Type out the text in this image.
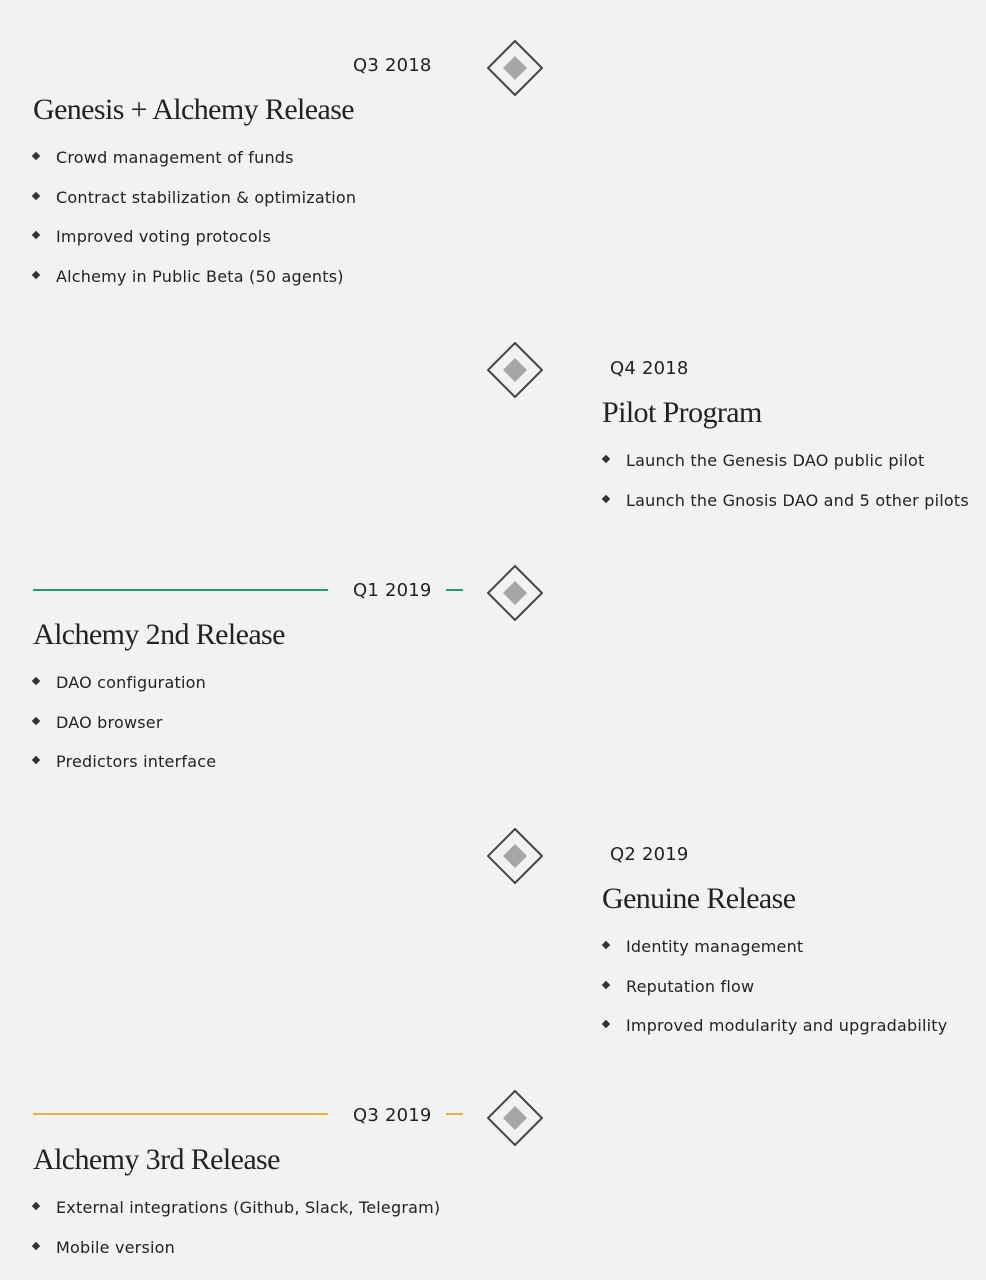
Q3 2018
Genesis + Alchemy Release
Crowd management of funds
Contract stabilization & optimization
Improved voting protocols
Alchemy in Public Beta (50 agents)
Q4 2018
Pilot Program
Launch the Genesis DAO public pilot
Launch the Gnosis DAO and 5 other pilots
Q1 2019
Alchemy 2nd Release
DAO configuration
DAO browser
Predictors interface
Q2 2019
Genuine Release
Identity management
Reputation flow
Improved modularity and upgradability
Q3 2019
Alchemy 3rd Release
External integrations (Github, Slack, Telegram)
Mobile version
